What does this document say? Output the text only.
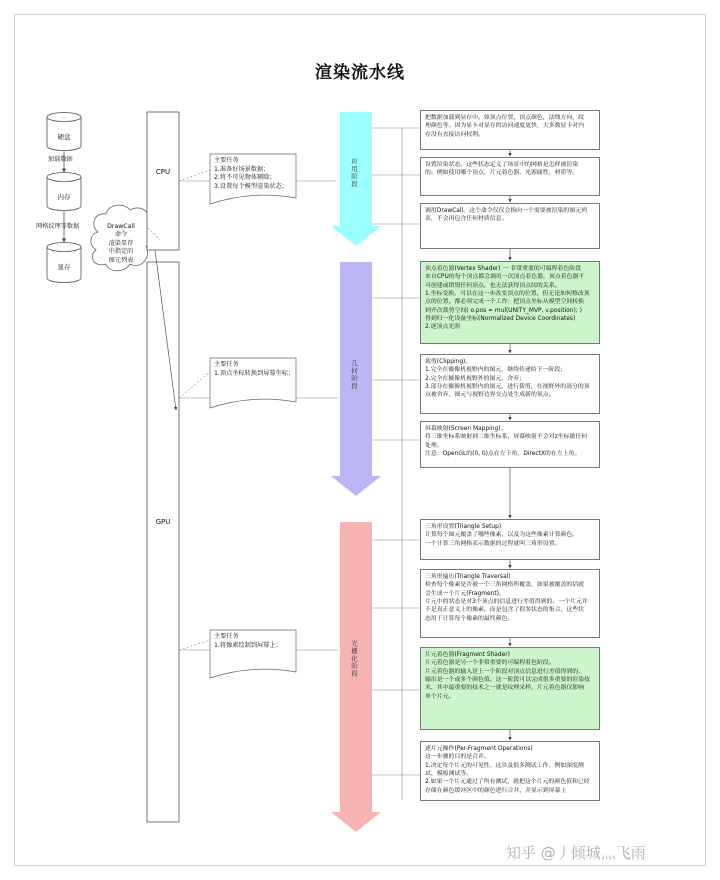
渲染流水线
硬盘
加载数据
内存
网格纹理等数据
显存
DrawCall
命令
渲染显存
中指定的
图元列表
CPU
GPU
主要任务
1.准备好场景数据；
2.将不可见物体剔除；
3.设置每个模型渲染状态；
主要任务
1.顶点坐标转换到屏幕坐标；
主要任务
1.将像素绘制到屏幕上；
应用阶段
几何阶段
光栅化阶段
把数据加载到显存中。如顶点位置，顶点颜色，法线方向，纹
理颜色等。因为显卡对显存的访问速度更快，大多数显卡对内
存没有直接访问权利。
设置渲染状态。这些状态定义了场景中的网格是怎样被渲染
的。例如使用哪个顶点，片元着色器，光源属性，材质等。
调用DrawCall。这个命令仅仅会指向一个需要被渲染的图元列
表，不会再包含任何材质信息。
顶点着色器(Vertex Shader) 一 非常重要的可编程着色阶段
来自CPU的每个顶点都会调用一次顶点着色器，顶点着色器不
可创建或销毁任何顶点，也无法获得顶点间的关系。
1.坐标变换，可以在这一步改变顶点的位置，但无论如何修改顶
点的位置，都必须完成一个工作：把顶点坐标从模型空间转换
到齐次裁剪空间( o.pos = mul(UNITY_MVP, v.position); )
得到归一化设备坐标(Normalized Device Coordinates)
2.逐顶点光照
裁剪(Clipping)。
1.完全在摄像机视野内的图元，继续传递给下一阶段；
2.完全在摄像机视野外的图元，舍弃；
3.部分在摄像机视野内的图元，进行裁剪，在视野外的部分的顶
点被舍弃，图元与视野边界交点处生成新的顶点。
屏幕映射(Screen Mapping)。
将三维坐标系映射到二维坐标系，屏幕映射不会对z坐标做任何
处理。
注意：OpenGL的(0, 0)点在左下角，DirectX的在左上角。
三角形设置(Triangle Setup)
计算每个图元覆盖了哪些像素，以及为这些像素计算颜色。
一个计算三角网格表示数据的过程就叫三角形设置。
三角形遍历(Triangle Traversal)
检查每个像素是否被一个三角网格所覆盖，如果被覆盖的话就
会生成一个片元(Fragment)。
片元中的状态是对3个顶点的信息进行差值得到的。一个片元并
不是真正意义上的像素，而是包含了很多状态的集合，这些状
态用于计算每个像素的最终颜色。
片元着色器(Fragment Shader)
片元着色器是另一个非常重要的可编程着色阶段。
片元着色器的输入是上一个阶段对顶点信息进行差值得到的，
输出是一个或多个颜色值。这一阶段可以完成很多重要的渲染技
术，其中最重要的技术之一就是纹理采样。片元着色器仅影响
单个片元。
逐片元操作(Per-Fragment Operations)
这一步骤的目的是合并。
1.决定每个片元的可见性。这涉及很多测试工作，例如深度测
试，模板测试等。
2.如果一个片元通过了所有测试，就把这个片元的颜色值和已经
存储在颜色缓冲区中的颜色进行合并，并显示到屏幕上
知乎 @丿倾城灬飞雨
